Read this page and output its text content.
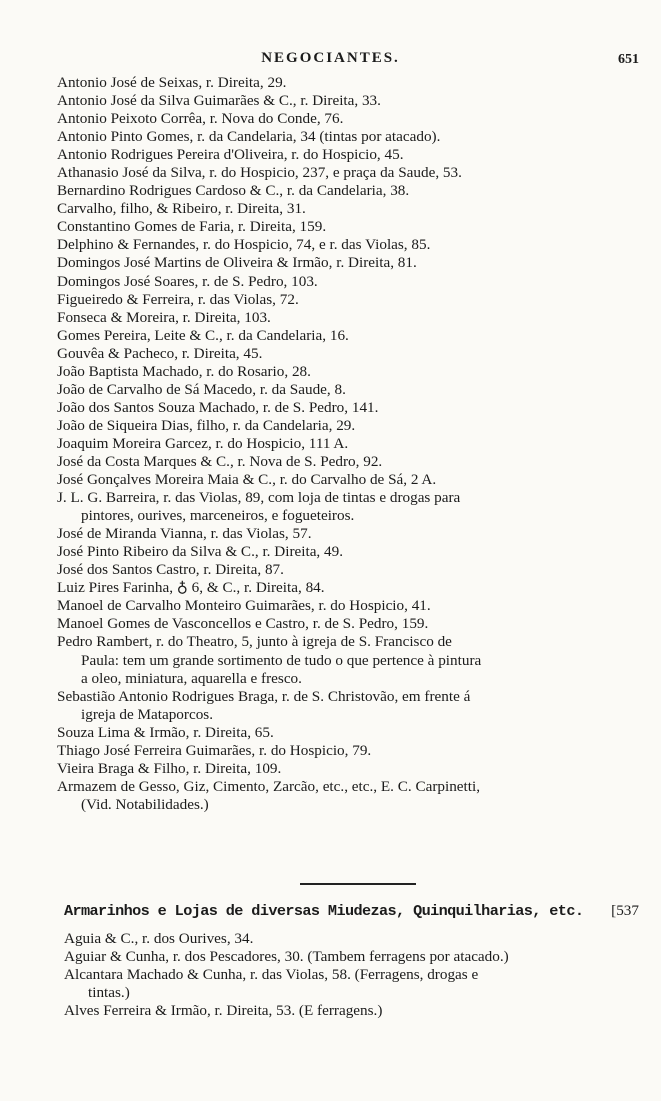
NEGOCIANTES.	651
Antonio José de Seixas, r. Direita, 29.
Antonio José da Silva Guimarães & C., r. Direita, 33.
Antonio Peixoto Corrêa, r. Nova do Conde, 76.
Antonio Pinto Gomes, r. da Candelaria, 34 (tintas por atacado).
Antonio Rodrigues Pereira d'Oliveira, r. do Hospicio, 45.
Athanasio José da Silva, r. do Hospicio, 237, e praça da Saude, 53.
Bernardino Rodrigues Cardoso & C., r. da Candelaria, 38.
Carvalho, filho, & Ribeiro, r. Direita, 31.
Constantino Gomes de Faria, r. Direita, 159.
Delphino & Fernandes, r. do Hospicio, 74, e r. das Violas, 85.
Domingos José Martins de Oliveira & Irmão, r. Direita, 81.
Domingos José Soares, r. de S. Pedro, 103.
Figueiredo & Ferreira, r. das Violas, 72.
Fonseca & Moreira, r. Direita, 103.
Gomes Pereira, Leite & C., r. da Candelaria, 16.
Gouvêa & Pacheco, r. Direita, 45.
João Baptista Machado, r. do Rosario, 28.
João de Carvalho de Sá Macedo, r. da Saude, 8.
João dos Santos Souza Machado, r. de S. Pedro, 141.
João de Siqueira Dias, filho, r. da Candelaria, 29.
Joaquim Moreira Garcez, r. do Hospicio, 111 A.
José da Costa Marques & C., r. Nova de S. Pedro, 92.
José Gonçalves Moreira Maia & C., r. do Carvalho de Sá, 2 A.
J. L. G. Barreira, r. das Violas, 89, com loja de tintas e drogas para
pintores, ourives, marceneiros, e fogueteiros.
José de Miranda Vianna, r. das Violas, 57.
José Pinto Ribeiro da Silva & C., r. Direita, 49.
José dos Santos Castro, r. Direita, 87.
Luiz Pires Farinha, ♁ 6, & C., r. Direita, 84.
Manoel de Carvalho Monteiro Guimarães, r. do Hospicio, 41.
Manoel Gomes de Vasconcellos e Castro, r. de S. Pedro, 159.
Pedro Rambert, r. do Theatro, 5, junto à igreja de S. Francisco de
Paula: tem um grande sortimento de tudo o que pertence à pintura
a oleo, miniatura, aquarella e fresco.
Sebastião Antonio Rodrigues Braga, r. de S. Christovão, em frente á
igreja de Mataporcos.
Souza Lima & Irmão, r. Direita, 65.
Thiago José Ferreira Guimarães, r. do Hospicio, 79.
Vieira Braga & Filho, r. Direita, 109.
Armazem de Gesso, Giz, Cimento, Zarcão, etc., etc., E. C. Carpinetti,
(Vid. Notabilidades.)
Armarinhos e Lojas de diversas Miudezas, Quinquilharias, etc. [537
Aguia & C., r. dos Ourives, 34.
Aguiar & Cunha, r. dos Pescadores, 30. (Tambem ferragens por atacado.)
Alcantara Machado & Cunha, r. das Violas, 58. (Ferragens, drogas e
tintas.)
Alves Ferreira & Irmão, r. Direita, 53. (E ferragens.)
